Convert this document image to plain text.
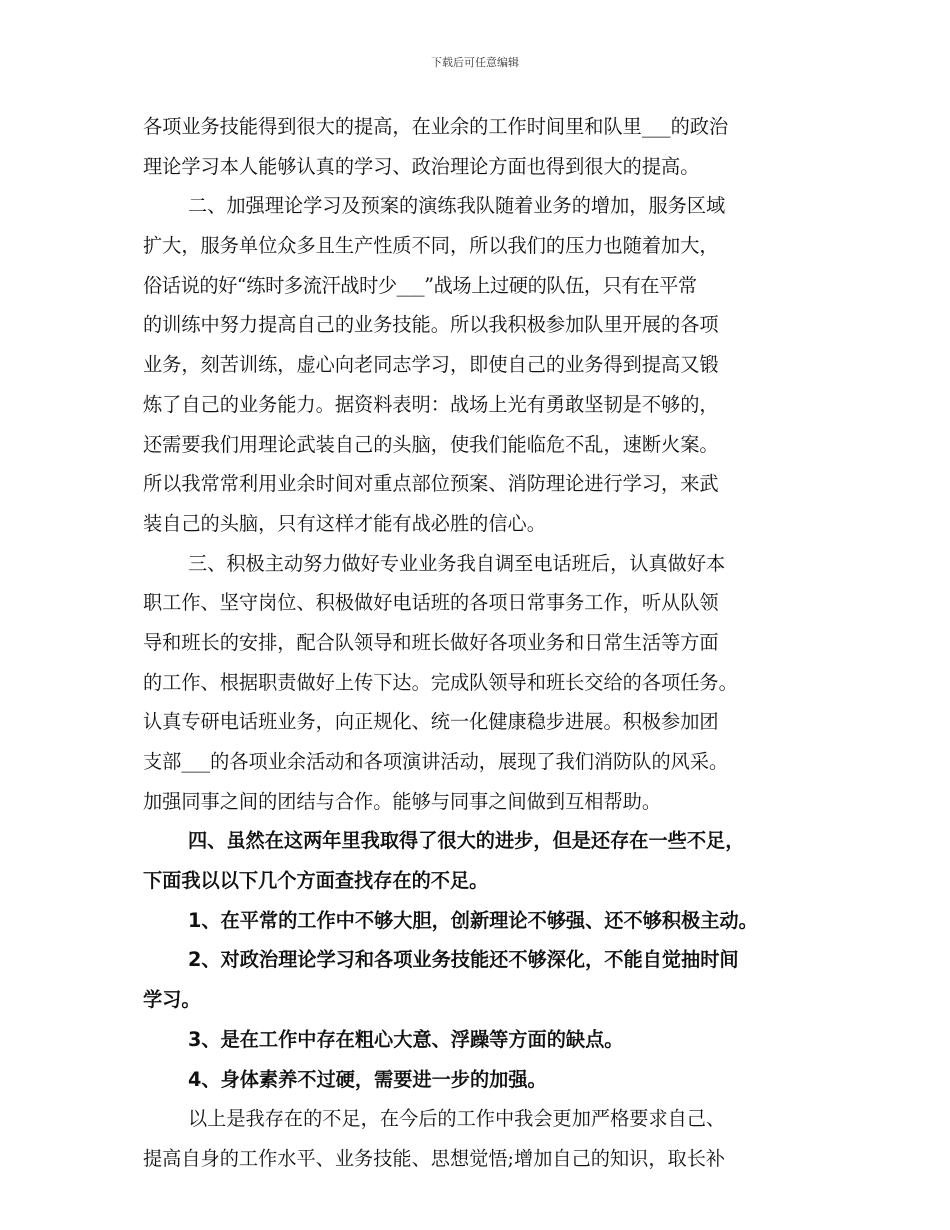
下载后可任意编辑
各项业务技能得到很大的提高，在业余的工作时间里和队里___的政治
理论学习本人能够认真的学习、政治理论方面也得到很大的提高。
二、加强理论学习及预案的演练我队随着业务的增加，服务区域
扩大，服务单位众多且生产性质不同，所以我们的压力也随着加大，
俗话说的好“练时多流汗战时少___”战场上过硬的队伍，只有在平常
的训练中努力提高自己的业务技能。所以我积极参加队里开展的各项
业务，刻苦训练，虚心向老同志学习，即使自己的业务得到提高又锻
炼了自己的业务能力。据资料表明：战场上光有勇敢坚韧是不够的，
还需要我们用理论武装自己的头脑，使我们能临危不乱，速断火案。
所以我常常利用业余时间对重点部位预案、消防理论进行学习，来武
装自己的头脑，只有这样才能有战必胜的信心。
三、积极主动努力做好专业业务我自调至电话班后，认真做好本
职工作、坚守岗位、积极做好电话班的各项日常事务工作，听从队领
导和班长的安排，配合队领导和班长做好各项业务和日常生活等方面
的工作、根据职责做好上传下达。完成队领导和班长交给的各项任务。
认真专研电话班业务，向正规化、统一化健康稳步进展。积极参加团
支部___的各项业余活动和各项演讲活动，展现了我们消防队的风采。
加强同事之间的团结与合作。能够与同事之间做到互相帮助。
四、虽然在这两年里我取得了很大的进步，但是还存在一些不足，
下面我以以下几个方面查找存在的不足。
1、在平常的工作中不够大胆，创新理论不够强、还不够积极主动。
2、对政治理论学习和各项业务技能还不够深化，不能自觉抽时间
学习。
3、是在工作中存在粗心大意、浮躁等方面的缺点。
4、身体素养不过硬，需要进一步的加强。
以上是我存在的不足，在今后的工作中我会更加严格要求自己、
提高自身的工作水平、业务技能、思想觉悟;增加自己的知识，取长补
